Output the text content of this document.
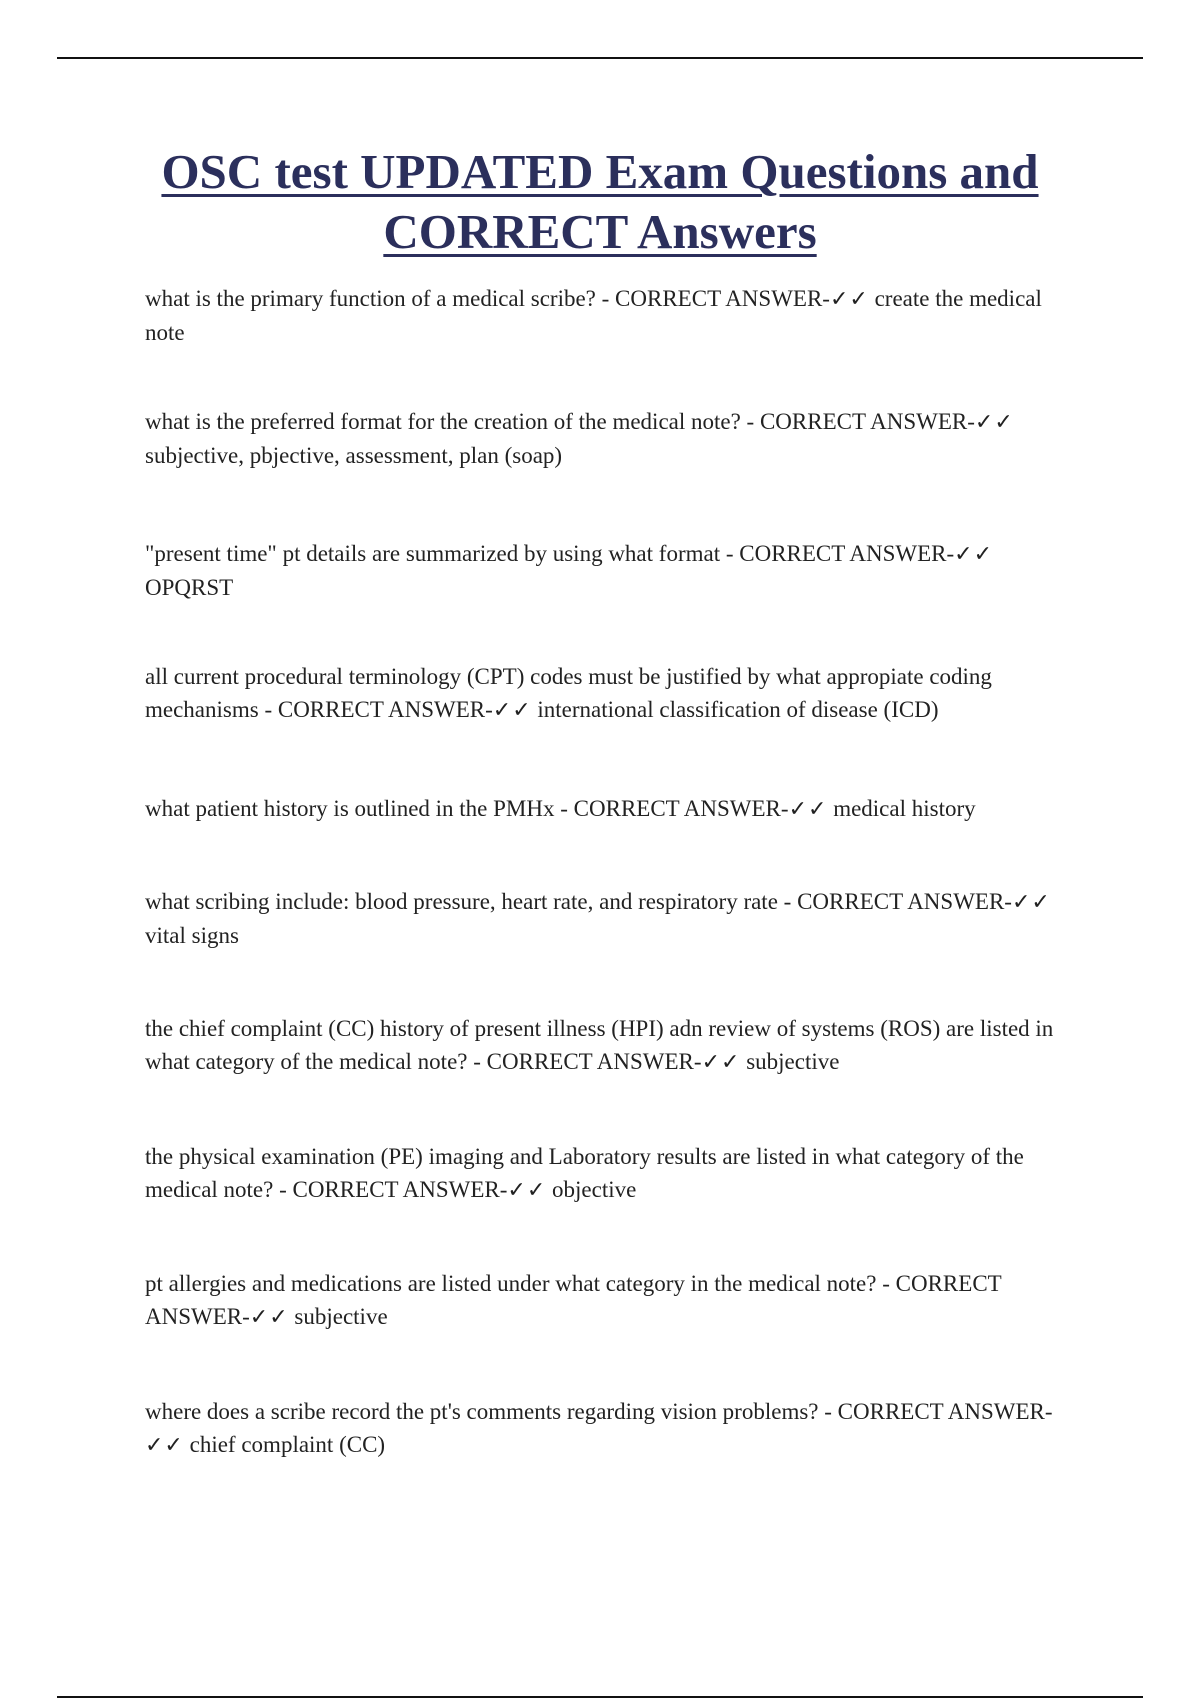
OSC test UPDATED Exam Questions and CORRECT Answers

what is the primary function of a medical scribe? - CORRECT ANSWER-✓✓ create the medical note

what is the preferred format for the creation of the medical note? - CORRECT ANSWER-✓✓ subjective, pbjective, assessment, plan (soap)

"present time" pt details are summarized by using what format - CORRECT ANSWER-✓✓ OPQRST

all current procedural terminology (CPT) codes must be justified by what appropiate coding mechanisms - CORRECT ANSWER-✓✓ international classification of disease (ICD)

what patient history is outlined in the PMHx - CORRECT ANSWER-✓✓ medical history

what scribing include: blood pressure, heart rate, and respiratory rate - CORRECT ANSWER-✓✓ vital signs

the chief complaint (CC) history of present illness (HPI) adn review of systems (ROS) are listed in what category of the medical note? - CORRECT ANSWER-✓✓ subjective

the physical examination (PE) imaging and Laboratory results are listed in what category of the medical note? - CORRECT ANSWER-✓✓ objective

pt allergies and medications are listed under what category in the medical note? - CORRECT ANSWER-✓✓ subjective

where does a scribe record the pt's comments regarding vision problems? - CORRECT ANSWER-✓✓ chief complaint (CC)
